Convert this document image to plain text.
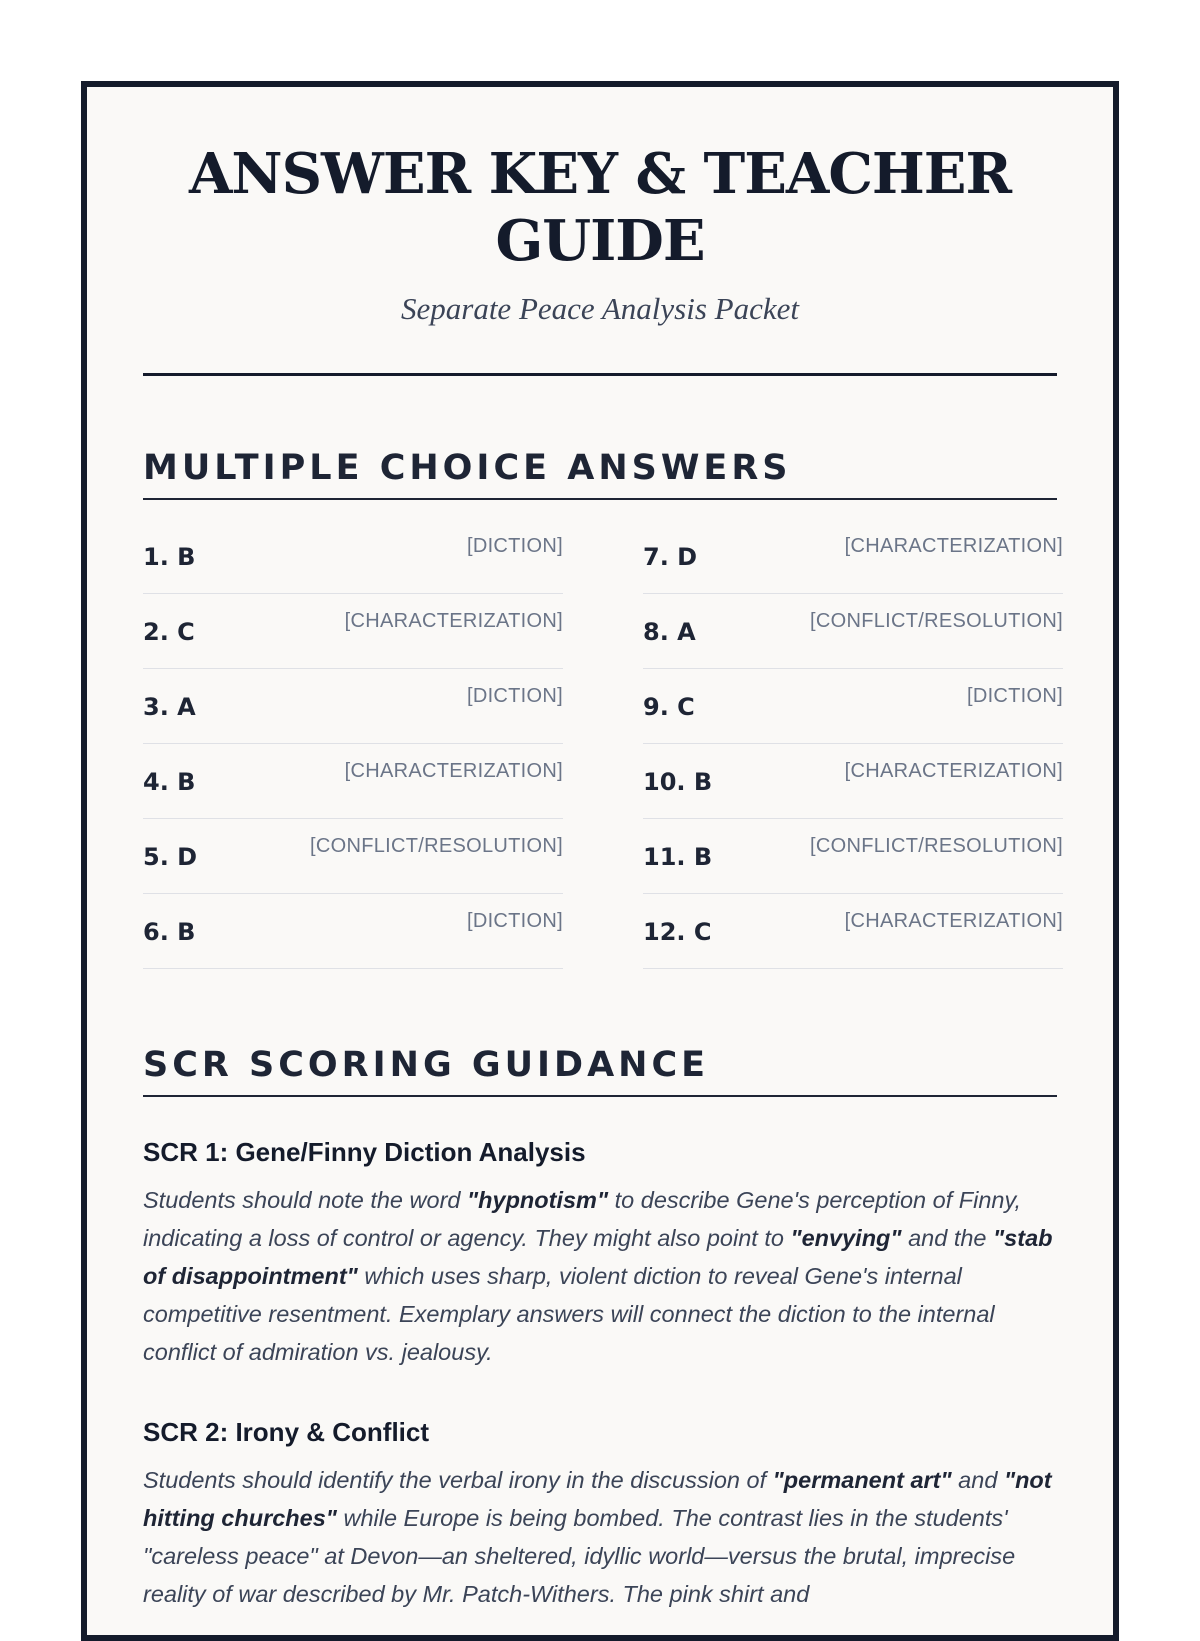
ANSWER KEY & TEACHER GUIDE
Separate Peace Analysis Packet
MULTIPLE CHOICE ANSWERS
1. B	[DICTION]
2. C	[CHARACTERIZATION]
3. A	[DICTION]
4. B	[CHARACTERIZATION]
5. D	[CONFLICT/RESOLUTION]
6. B	[DICTION]
7. D	[CHARACTERIZATION]
8. A	[CONFLICT/RESOLUTION]
9. C	[DICTION]
10. B	[CHARACTERIZATION]
11. B	[CONFLICT/RESOLUTION]
12. C	[CHARACTERIZATION]
SCR SCORING GUIDANCE
SCR 1: Gene/Finny Diction Analysis

Students should note the word "hypnotism" to describe Gene's perception of Finny, indicating a loss of control or agency. They might also point to "envying" and the "stab of disappointment" which uses sharp, violent diction to reveal Gene's internal competitive resentment. Exemplary answers will connect the diction to the internal conflict of admiration vs. jealousy.

SCR 2: Irony & Conflict

Students should identify the verbal irony in the discussion of "permanent art" and "not hitting churches" while Europe is being bombed. The contrast lies in the students' "careless peace" at Devon—an sheltered, idyllic world—versus the brutal, imprecise reality of war described by Mr. Patch-Withers. The pink shirt and
